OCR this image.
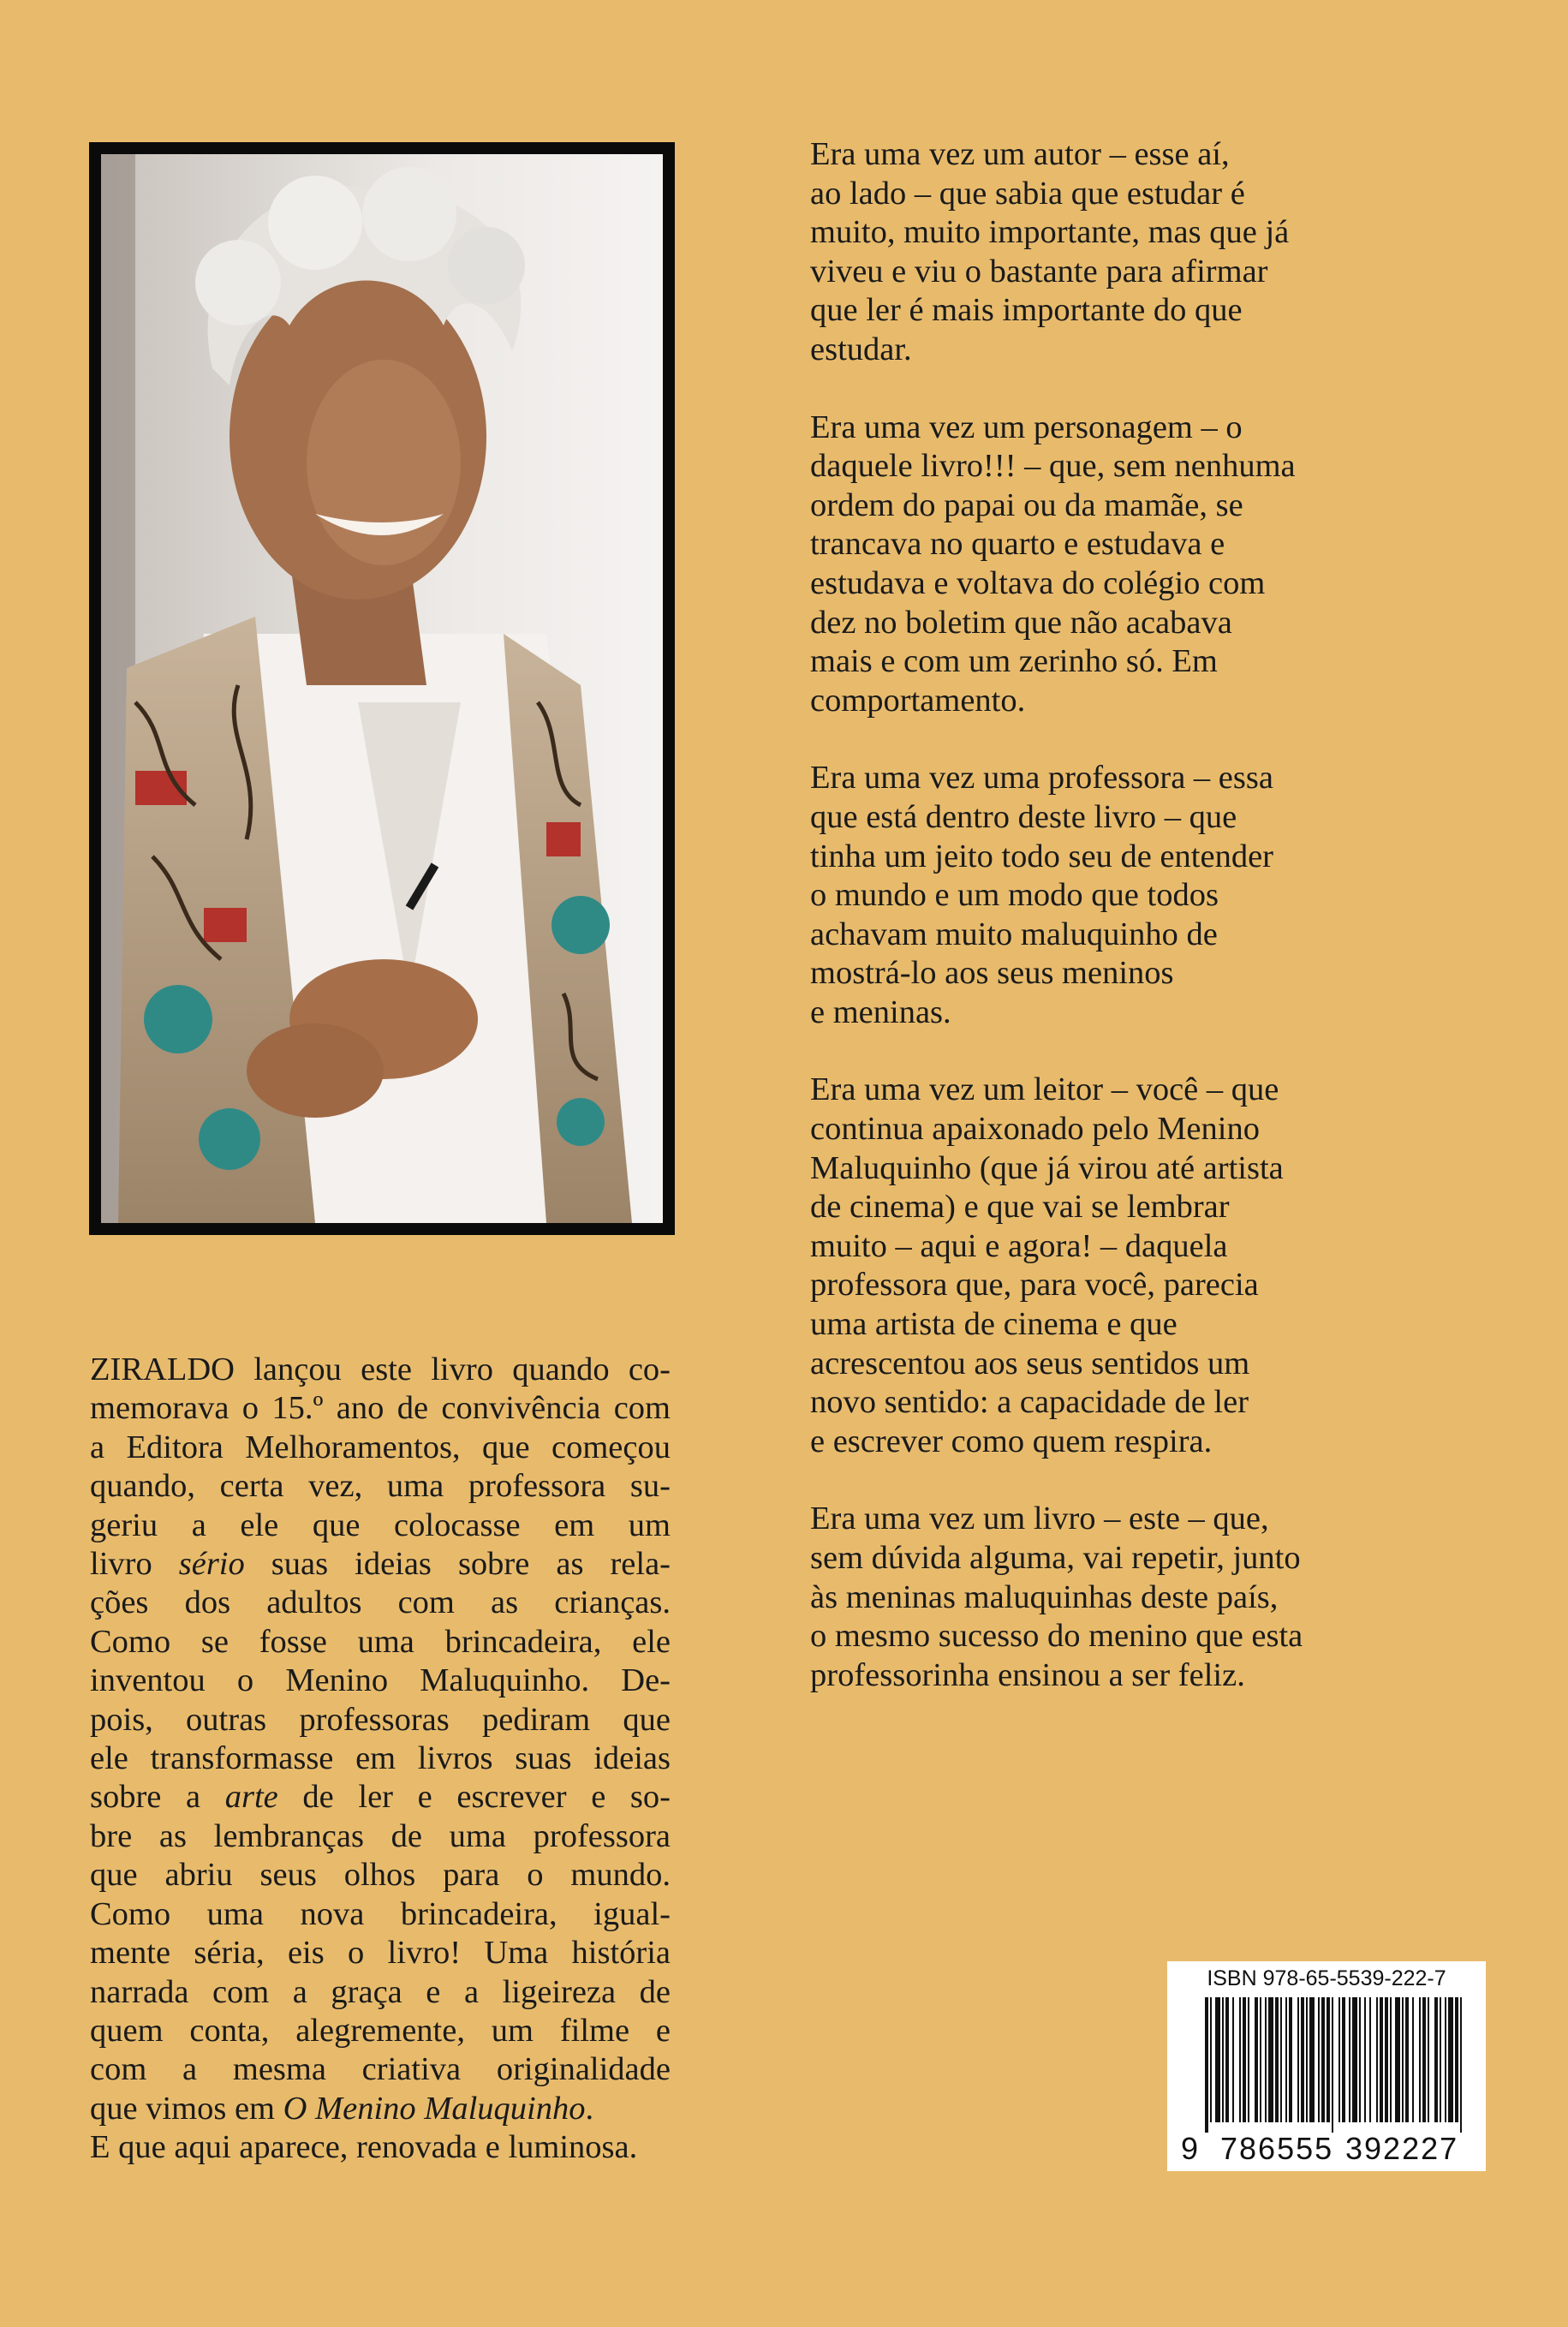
Era uma vez um autor – esse aí,
ao lado – que sabia que estudar é
muito, muito importante, mas que já
viveu e viu o bastante para afirmar
que ler é mais importante do que
estudar.

Era uma vez um personagem – o
daquele livro!!! – que, sem nenhuma
ordem do papai ou da mamãe, se
trancava no quarto e estudava e
estudava e voltava do colégio com
dez no boletim que não acabava
mais e com um zerinho só. Em
comportamento.

Era uma vez uma professora – essa
que está dentro deste livro – que
tinha um jeito todo seu de entender
o mundo e um modo que todos
achavam muito maluquinho de
mostrá-lo aos seus meninos
e meninas.

Era uma vez um leitor – você – que
continua apaixonado pelo Menino
Maluquinho (que já virou até artista
de cinema) e que vai se lembrar
muito – aqui e agora! – daquela
professora que, para você, parecia
uma artista de cinema e que
acrescentou aos seus sentidos um
novo sentido: a capacidade de ler
e escrever como quem respira.

Era uma vez um livro – este – que,
sem dúvida alguma, vai repetir, junto
às meninas maluquinhas deste país,
o mesmo sucesso do menino que esta
professorinha ensinou a ser feliz.

ZIRALDO lançou este livro quando co-
memorava o 15.º ano de convivência com
a Editora Melhoramentos, que começou
quando, certa vez, uma professora su-
geriu a ele que colocasse em um
livro sério suas ideias sobre as rela-
ções dos adultos com as crianças.
Como se fosse uma brincadeira, ele
inventou o Menino Maluquinho. De-
pois, outras professoras pediram que
ele transformasse em livros suas ideias
sobre a arte de ler e escrever e so-
bre as lembranças de uma professora
que abriu seus olhos para o mundo.
Como uma nova brincadeira, igual-
mente séria, eis o livro! Uma história
narrada com a graça e a ligeireza de
quem conta, alegremente, um filme e
com a mesma criativa originalidade
que vimos em O Menino Maluquinho.
E que aqui aparece, renovada e luminosa.
ISBN 978-65-5539-222-7
9 786555 392227
